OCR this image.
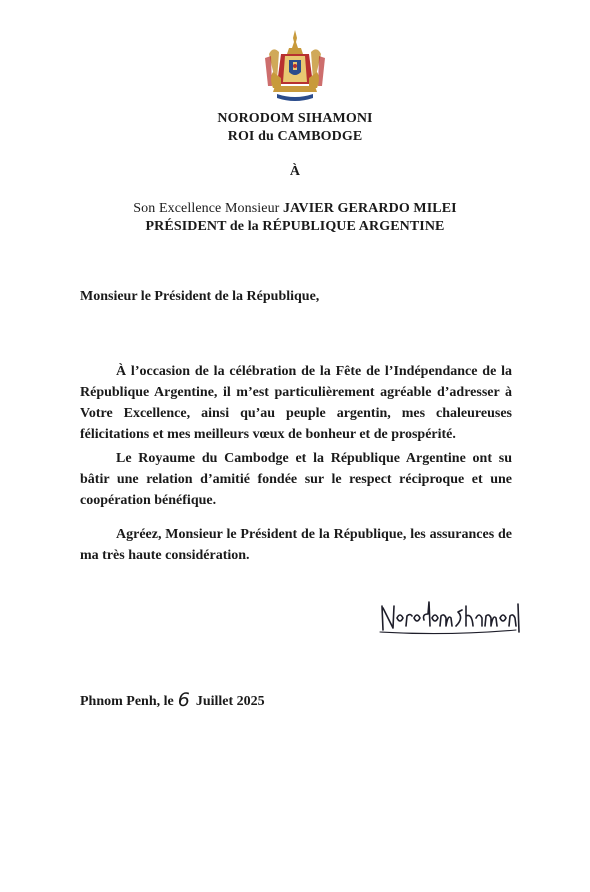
NORODOM SIHAMONI
ROI du CAMBODGE
À
Son Excellence Monsieur JAVIER GERARDO MILEI
PRÉSIDENT de la RÉPUBLIQUE ARGENTINE
Monsieur le Président de la République,

À l’occasion de la célébration de la Fête de l’Indépendance de la République Argentine, il m’est particulièrement agréable d’adresser à Votre Excellence, ainsi qu’au peuple argentin, mes chaleureuses félicitations et mes meilleurs vœux de bonheur et de prospérité.

Le Royaume du Cambodge et la République Argentine ont su bâtir une relation d’amitié fondée sur le respect réciproque et une coopération bénéfique.

Agréez, Monsieur le Président de la République, les assurances de ma très haute considération.

Phnom Penh, le 6 Juillet 2025
